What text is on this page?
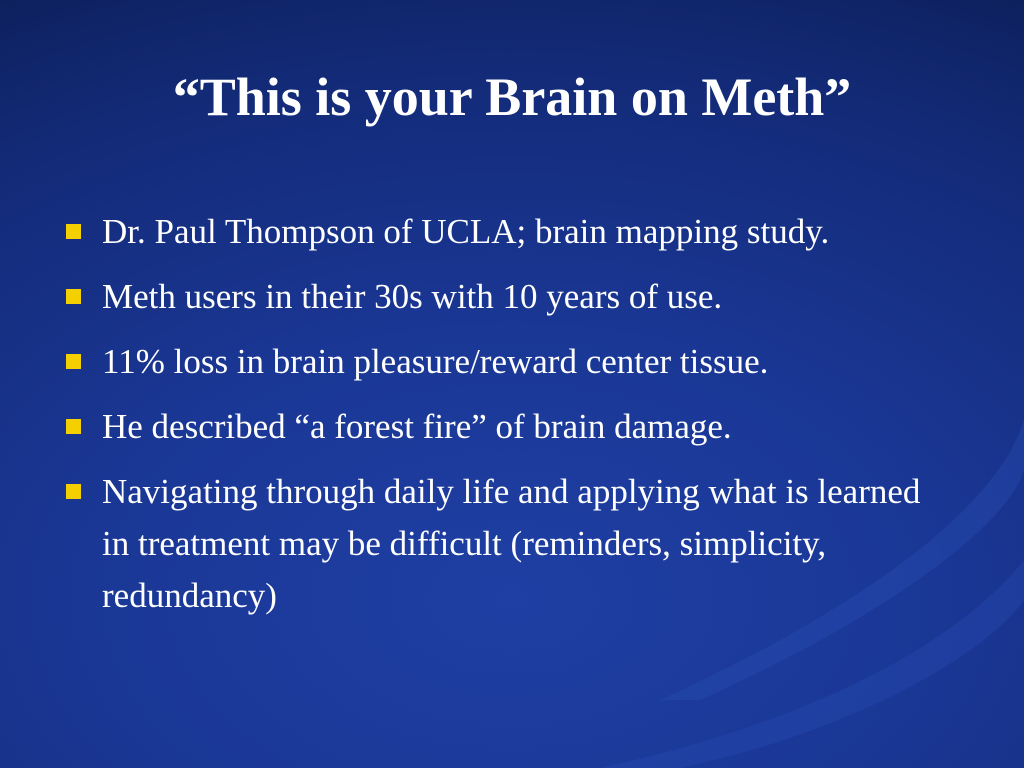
“This is your Brain on Meth”
Dr. Paul Thompson of UCLA; brain mapping study.
Meth users in their 30s with 10 years of use.
11% loss in brain pleasure/reward center tissue.
He described “a forest fire” of brain damage.
Navigating through daily life and applying what is learned in treatment may be difficult (reminders, simplicity, redundancy)
